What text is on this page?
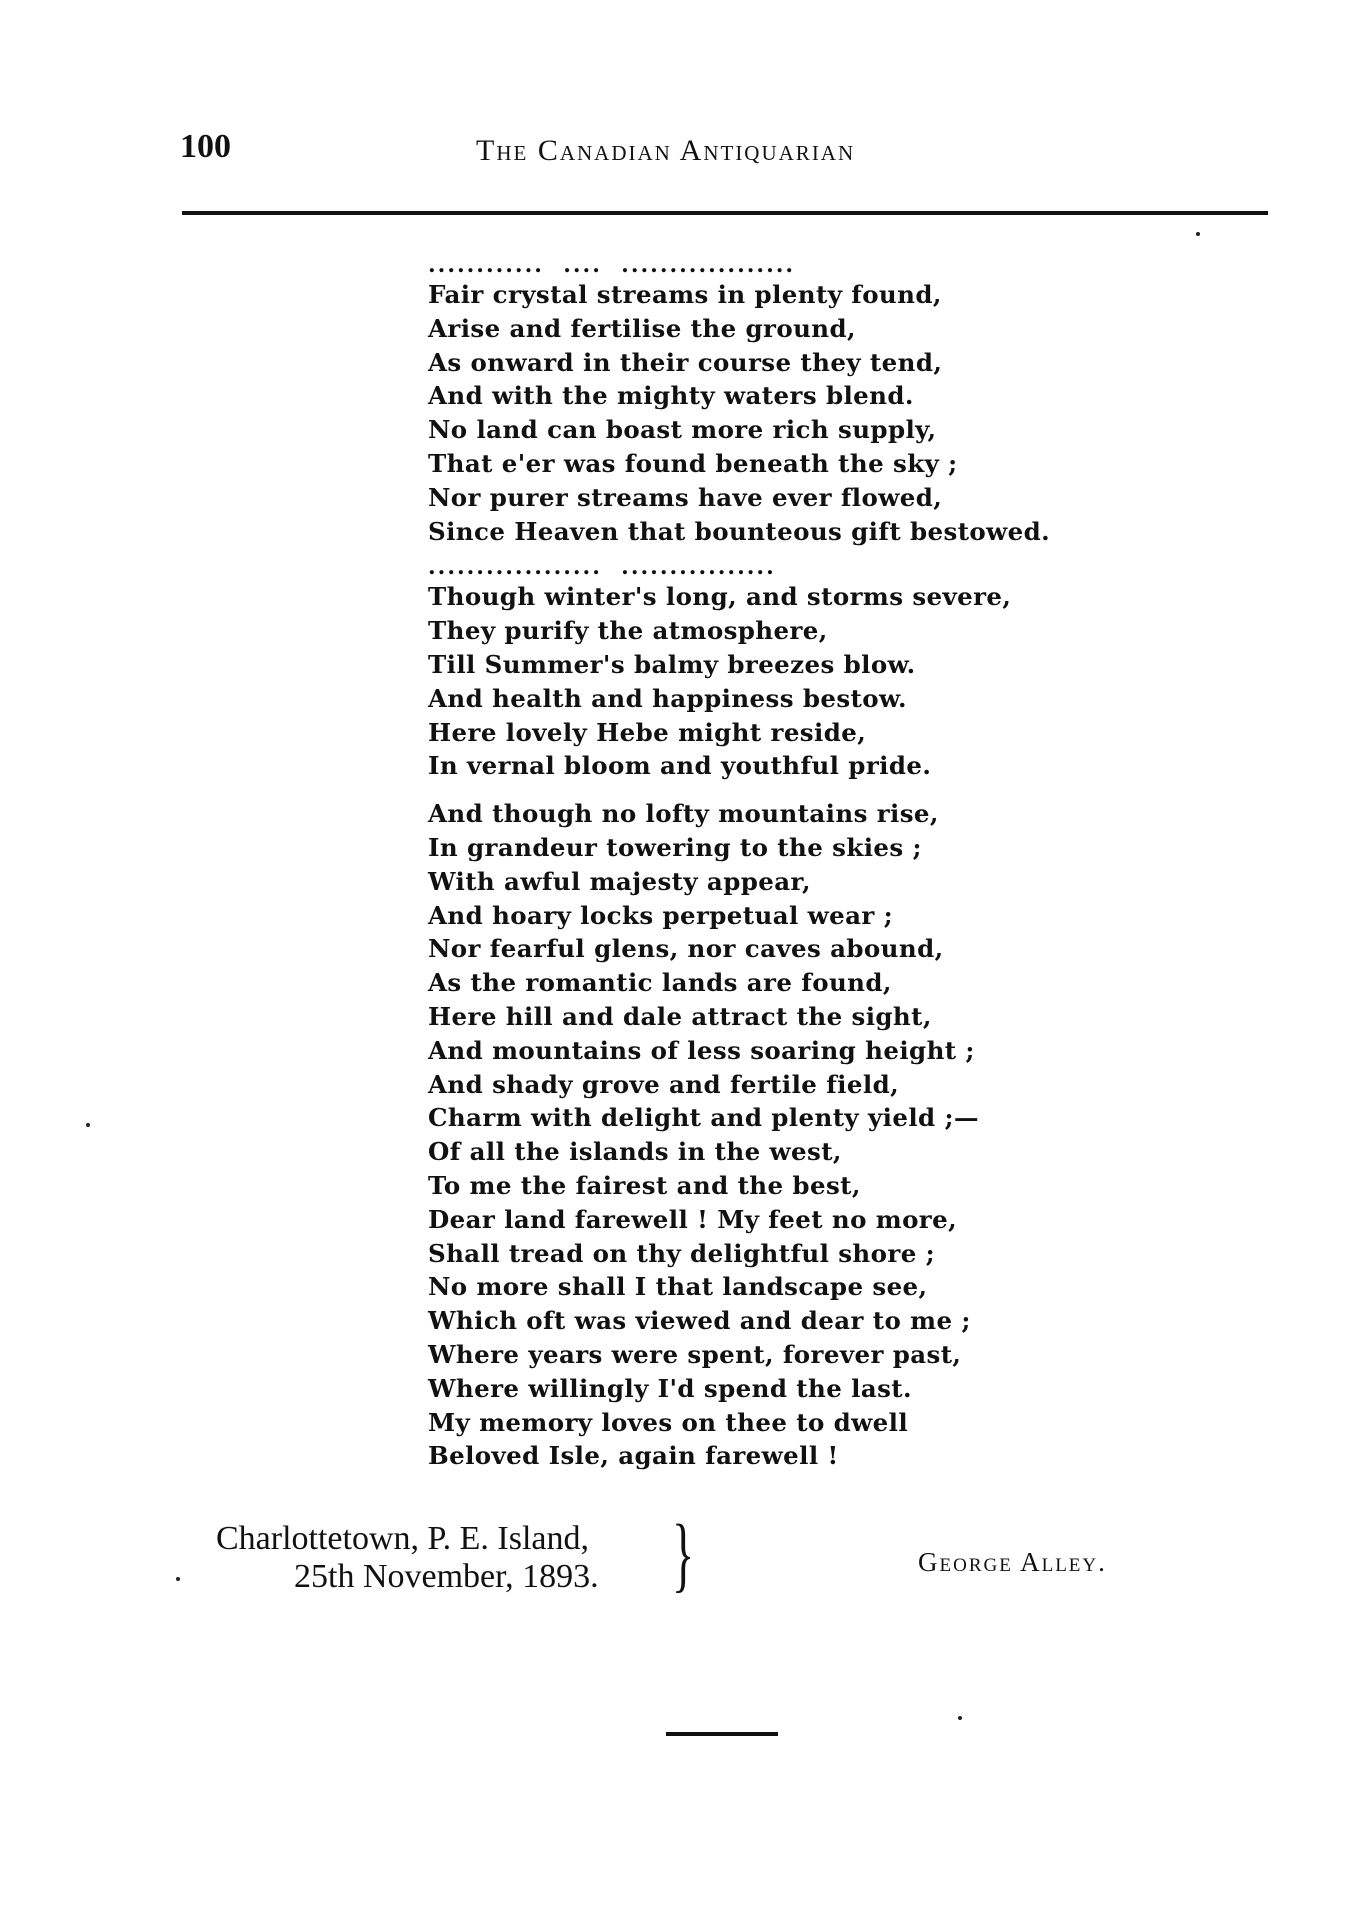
100	The Canadian Antiquarian
............  ....  ..................
Fair crystal streams in plenty found,
Arise and fertilise the ground,
As onward in their course they tend,
And with the mighty waters blend.
No land can boast more rich supply,
That e'er was found beneath the sky ;
Nor purer streams have ever flowed,
Since Heaven that bounteous gift bestowed.
..................  ................
Though winter's long, and storms severe,
They purify the atmosphere,
Till Summer's balmy breezes blow.
And health and happiness bestow.
Here lovely Hebe might reside,
In vernal bloom and youthful pride.
And though no lofty mountains rise,
In grandeur towering to the skies ;
With awful majesty appear,
And hoary locks perpetual wear ;
Nor fearful glens, nor caves abound,
As the romantic lands are found,
Here hill and dale attract the sight,
And mountains of less soaring height ;
And shady grove and fertile field,
Charm with delight and plenty yield ;—
Of all the islands in the west,
To me the fairest and the best,
Dear land farewell ! My feet no more,
Shall tread on thy delightful shore ;
No more shall I that landscape see,
Which oft was viewed and dear to me ;
Where years were spent, forever past,
Where willingly I'd spend the last.
My memory loves on thee to dwell
Beloved Isle, again farewell !
Charlottetown, P. E. Island,
25th November, 1893. }	George Alley.
